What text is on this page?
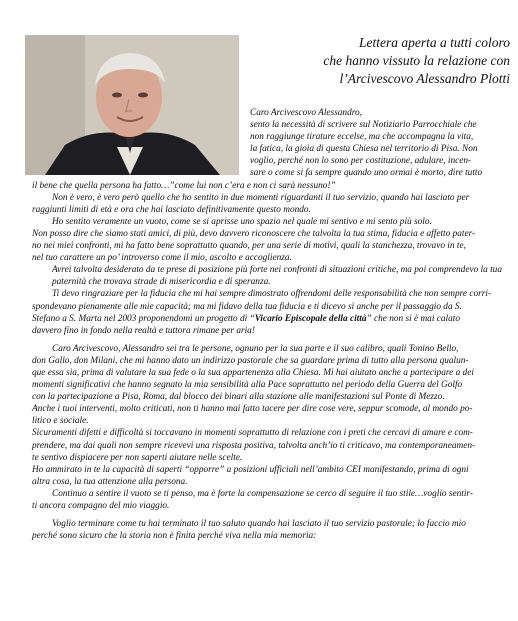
Lettera aperta a tutti coloro
che hanno vissuto la relazione con
l’Arcivescovo Alessandro Plotti
Caro Arcivescovo Alessandro,
sento la necessità di scrivere sul Notiziario Parrocchiale che
non raggiunge tirature eccelse, ma che accompagna la vita,
la fatica, la gioia di questa Chiesa nel territorio di Pisa. Non
voglio, perché non lo sono per costituzione, adulare, incen-
sare o come si fa sempre quando uno ormai è morto, dire tutto
il bene che quella persona ha fatto…”come lui non c’era e non ci sarà nessuno!”
Non è vero, è vero però quello che ho sentito in due momenti riguardanti il tuo servizio, quando hai lasciato per
raggiunti limiti di età e ora che hai lasciato definitivamente questo mondo.
Ho sentito veramente un vuoto, come se si aprisse uno spazio nel quale mi sentivo e mi sento più solo.
Non posso dire che siamo stati amici, di più, devo davvero riconoscere che talvolta la tua stima, fiducia e affetto pater-
no nei miei confronti, mi ha fatto bene soprattutto quando, per una serie di motivi, quali la stanchezza, trovavo in te,
nel tuo carattere un po’ introverso come il mio, ascolto e accoglienza.
Avrei talvolta desiderato da te prese di posizione più forte nei confronti di situazioni critiche, ma poi comprendevo la tua paternità che trovava strade di misericordia e di speranza.
Ti devo ringraziare per la fiducia che mi hai sempre dimostrato offrendomi delle responsabilità che non sempre corri-
spondevano pienamente alle mie capacità; ma mi fidavo della tua fiducia e ti dicevo sì anche per il passaggio da S.
Stefano a S. Marta nel 2003 proponendomi un progetto di “Vicario Episcopale della città” che non si è mai calato
davvero fino in fondo nella realtà e tuttora rimane per aria!
Caro Arcivescovo, Alessandro sei tra le persone, ognuno per la sua parte e il suo calibro, quali Tonino Bello,
don Gallo, don Milani, che mi hanno dato un indirizzo pastorale che sa guardare prima di tutto alla persona qualun-
que essa sia, prima di valutare la sua fede o la sua appartenenza alla Chiesa. Mi hai aiutato anche a partecipare a dei
momenti significativi che hanno segnato la mia sensibilità alla Pace soprattutto nel periodo della Guerra del Golfo
con la partecipazione a Pisa, Roma, dal blocco dei binari alla stazione alle manifestazioni sul Ponte di Mezzo.
Anche i tuoi interventi, molto criticati, non ti hanno mai fatto tacere per dire cose vere, seppur scomode, al mondo po-
litico e sociale.
Sicuramenti difetti e difficoltà si toccavano in momenti soprattutto di relazione con i preti che cercavi di amare e com-
prendere, ma dai quali non sempre ricevevi una risposta positiva, talvolta anch’io ti criticavo, ma contemporaneamen-
te sentivo dispiacere per non saperti aiutare nelle scelte.
Ho ammirato in te la capacità di saperti “opporre” a posizioni ufficiali nell’ambito CEI manifestando, prima di ogni
altra cosa, la tua attenzione alla persona.
Continuo a sentire il vuoto se ti penso, ma è forte la compensazione se cerco di seguire il tuo stile…voglio sentir-
ti ancora compagno del mio viaggio.
Voglio terminare come tu hai terminato il tuo saluto quando hai lasciato il tuo servizio pastorale; lo faccio mio
perché sono sicuro che la storia non è finita perché viva nella mia memoria:
